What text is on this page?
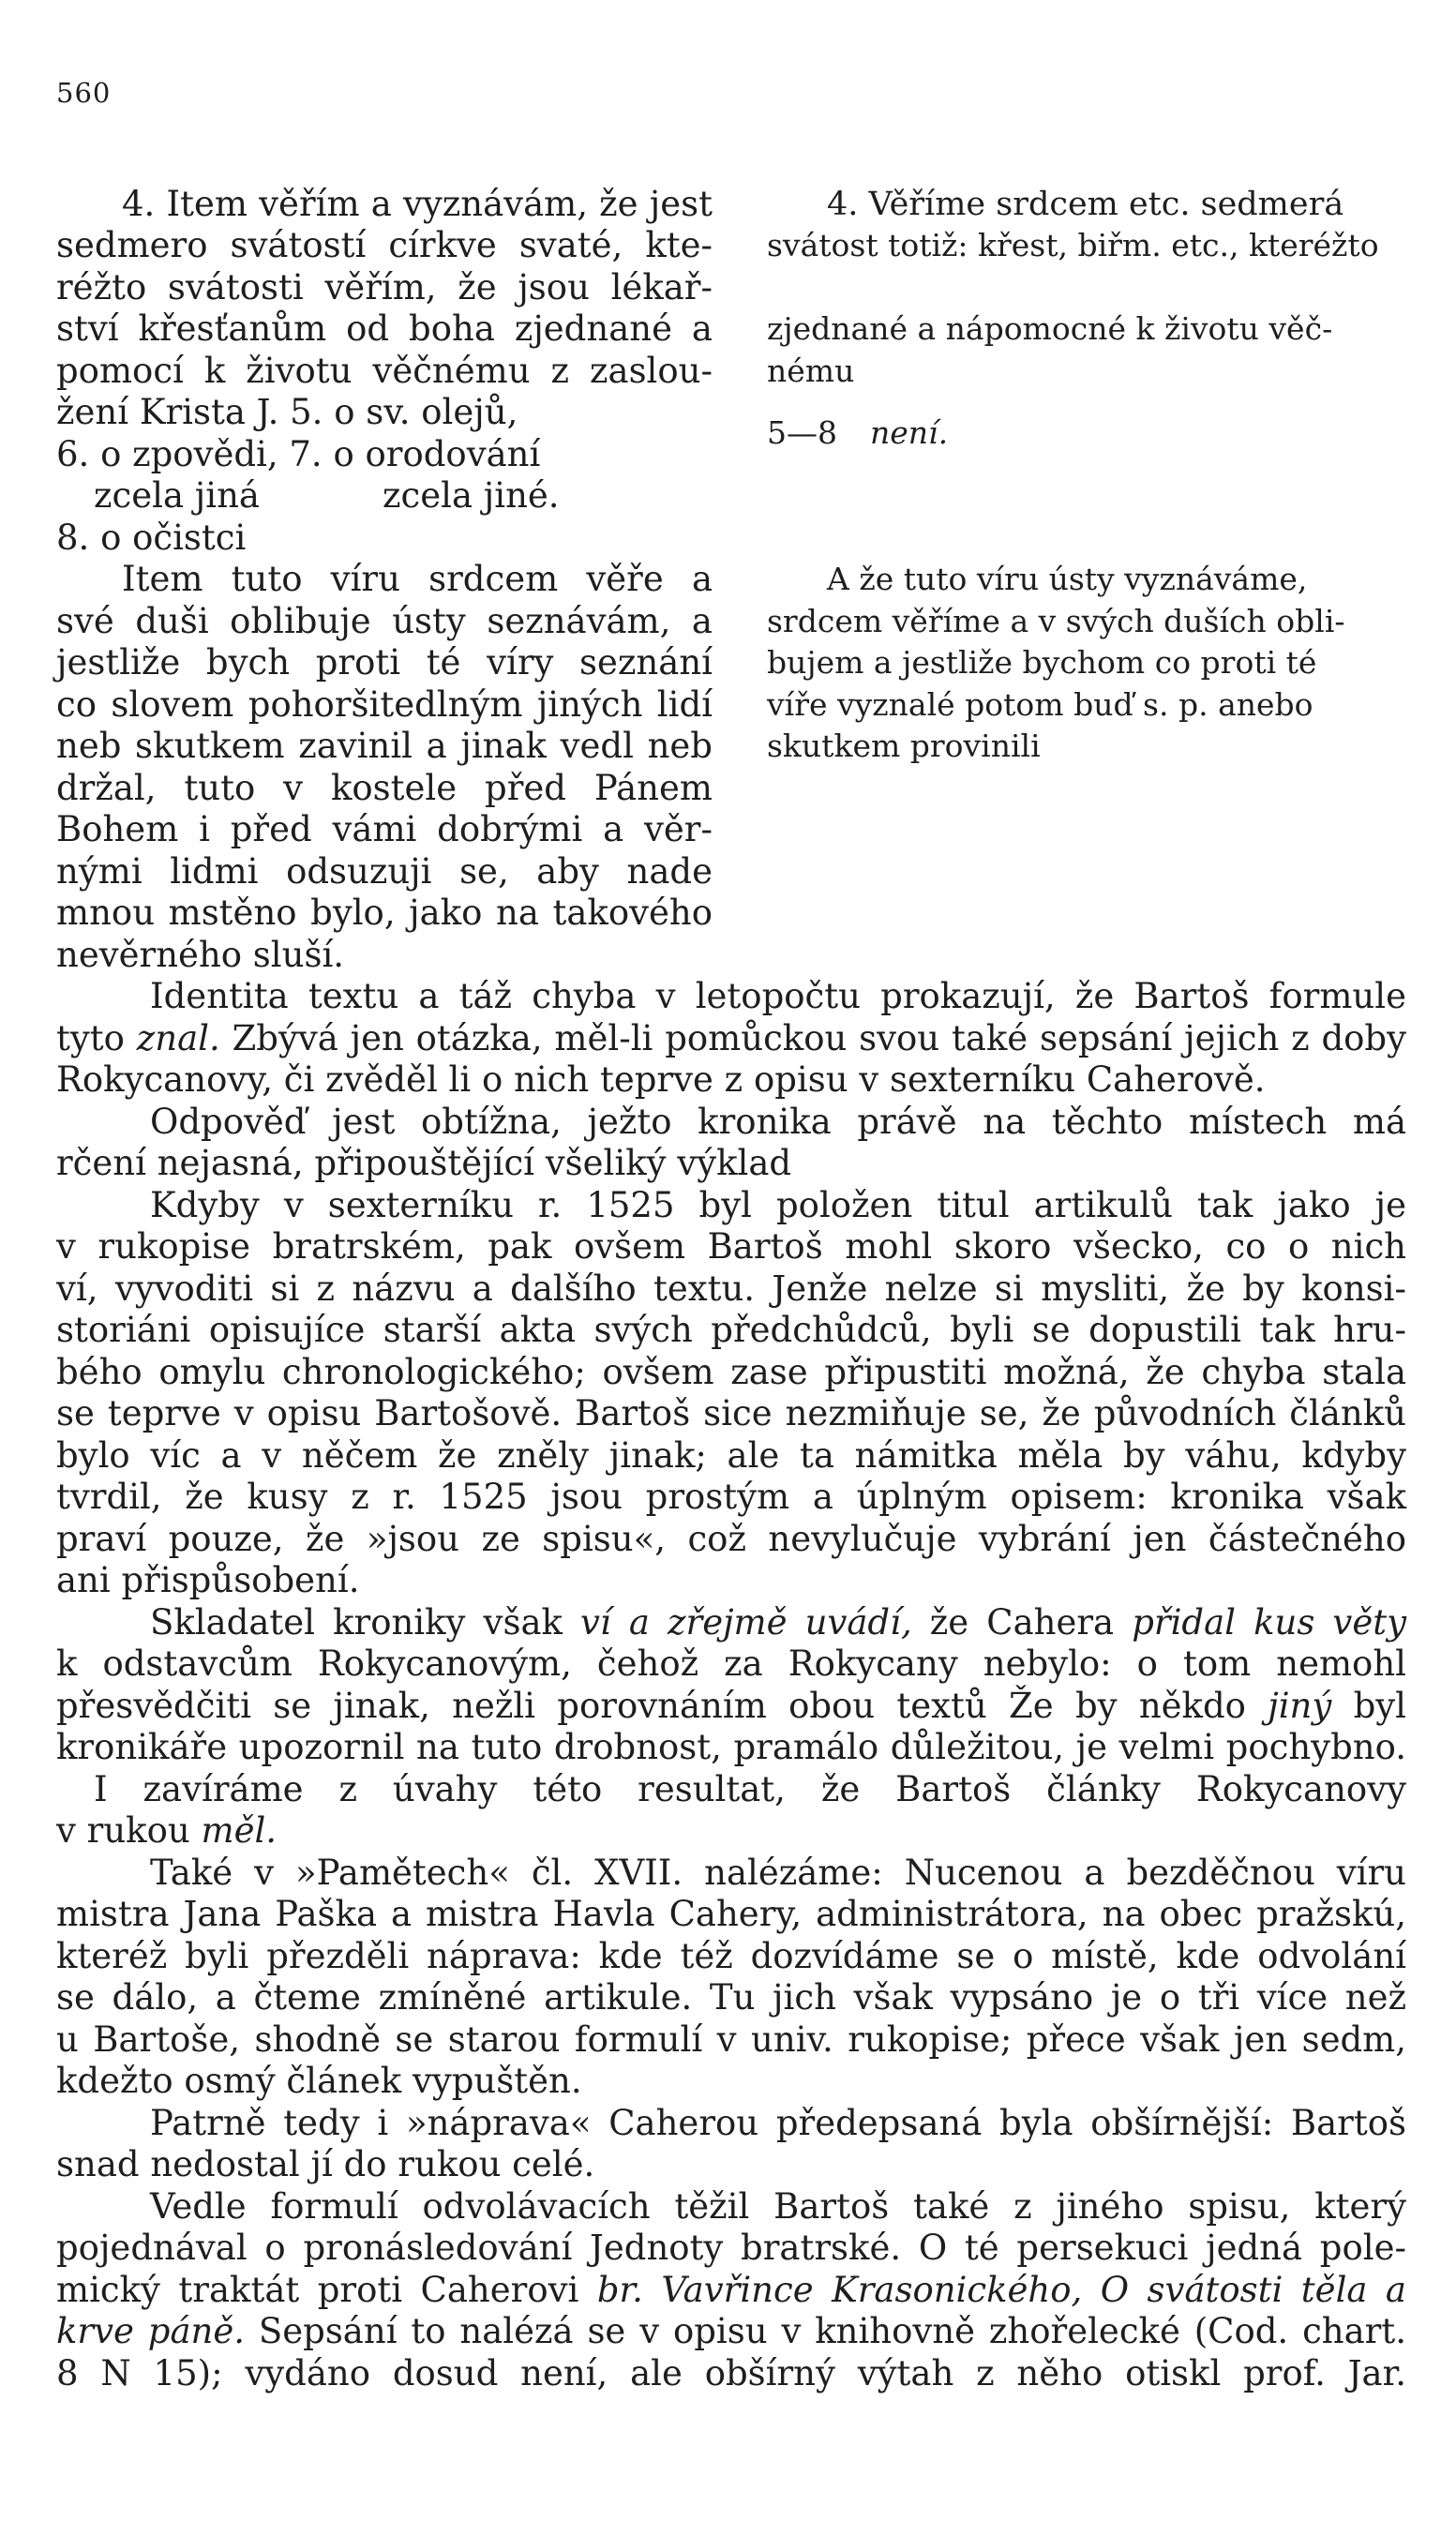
560
4. Item věřím a vyznávám, že jest
sedmero svátostí církve svaté, kte-
réžto svátosti věřím, že jsou lékař-
ství křesťanům od boha zjednané a
pomocí k životu věčnému z zaslou-
žení Krista J. 5. o sv. olejů,
6. o zpovědi, 7. o orodování
zcela jiná	zcela jiné.
8. o očistci
Item tuto víru srdcem věře a
své duši oblibuje ústy seznávám, a
jestliže bych proti té víry seznání
co slovem pohoršitedlným jiných lidí
neb skutkem zavinil a jinak vedl neb
držal, tuto v kostele před Pánem
Bohem i před vámi dobrými a věr-
nými lidmi odsuzuji se, aby nade
mnou mstěno bylo, jako na takového
nevěrného sluší.
4. Věříme srdcem etc. sedmerá
svátost totiž: křest, biřm. etc., kteréžto
zjednané a nápomocné k životu věč-
nému
5—8 není.
A že tuto víru ústy vyznáváme,
srdcem věříme a v svých duších obli-
bujem a jestliže bychom co proti té
víře vyznalé potom buď s. p. anebo
skutkem provinili
Identita textu a táž chyba v letopočtu prokazují, že Bartoš formule
tyto znal. Zbývá jen otázka, měl-li pomůckou svou také sepsání jejich z doby
Rokycanovy, či zvěděl li o nich teprve z opisu v sexterníku Caherově.
Odpověď jest obtížna, ježto kronika právě na těchto místech má
rčení nejasná, připouštějící všeliký výklad
Kdyby v sexterníku r. 1525 byl položen titul artikulů tak jako je
v rukopise bratrském, pak ovšem Bartoš mohl skoro všecko, co o nich
ví, vyvoditi si z názvu a dalšího textu. Jenže nelze si mysliti, že by konsi-
storiáni opisujíce starší akta svých předchůdců, byli se dopustili tak hru-
bého omylu chronologického; ovšem zase připustiti možná, že chyba stala
se teprve v opisu Bartošově. Bartoš sice nezmiňuje se, že původních článků
bylo víc a v něčem že zněly jinak; ale ta námitka měla by váhu, kdyby
tvrdil, že kusy z r. 1525 jsou prostým a úplným opisem: kronika však
praví pouze, že »jsou ze spisu«, což nevylučuje vybrání jen částečného
ani přispůsobení.
Skladatel kroniky však ví a zřejmě uvádí, že Cahera přidal kus věty
k odstavcům Rokycanovým, čehož za Rokycany nebylo: o tom nemohl
přesvědčiti se jinak, nežli porovnáním obou textů Že by někdo jiný byl
kronikáře upozornil na tuto drobnost, pramálo důležitou, je velmi pochybno.
I zavíráme z úvahy této resultat, že Bartoš články Rokycanovy
v rukou měl.
Také v »Pamětech« čl. XVII. nalézáme: Nucenou a bezděčnou víru
mistra Jana Paška a mistra Havla Cahery, administrátora, na obec pražskú,
kteréž byli přezděli náprava: kde též dozvídáme se o místě, kde odvolání
se dálo, a čteme zmíněné artikule. Tu jich však vypsáno je o tři více než
u Bartoše, shodně se starou formulí v univ. rukopise; přece však jen sedm,
kdežto osmý článek vypuštěn.
Patrně tedy i »náprava« Caherou předepsaná byla obšírnější: Bartoš
snad nedostal jí do rukou celé.
Vedle formulí odvolávacích těžil Bartoš také z jiného spisu, který
pojednával o pronásledování Jednoty bratrské. O té persekuci jedná pole-
mický traktát proti Caherovi br. Vavřince Krasonického, O svátosti těla a
krve páně. Sepsání to nalézá se v opisu v knihovně zhořelecké (Cod. chart.
8 N 15); vydáno dosud není, ale obšírný výtah z něho otiskl prof. Jar.
